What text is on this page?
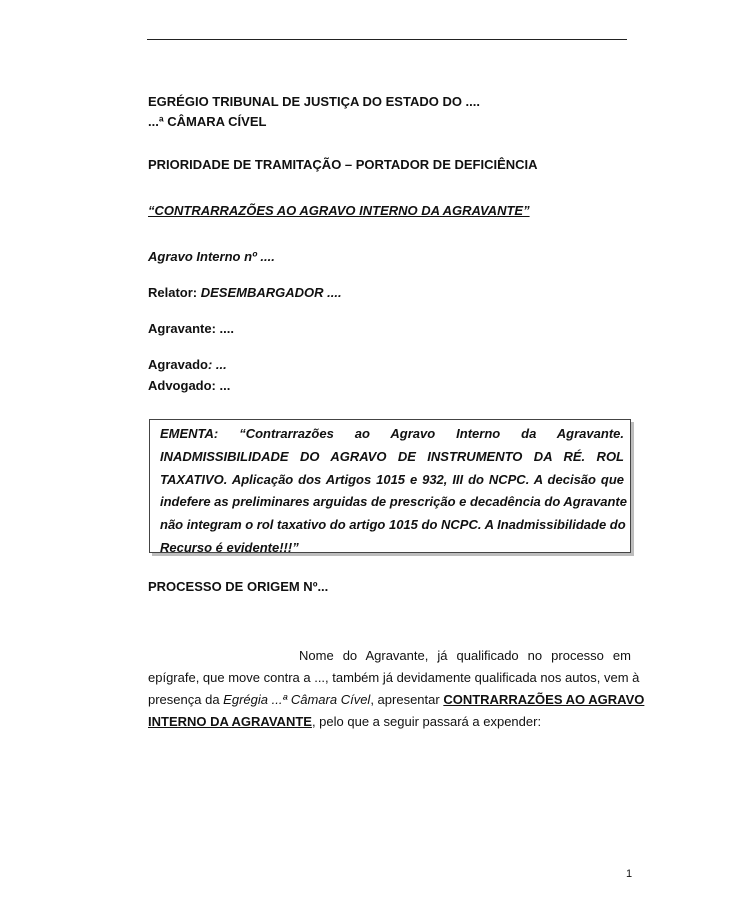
EGRÉGIO TRIBUNAL DE JUSTIÇA DO ESTADO DO ....
...ª CÂMARA CÍVEL
PRIORIDADE DE TRAMITAÇÃO – PORTADOR DE DEFICIÊNCIA
“CONTRARRAZÕES AO AGRAVO INTERNO DA AGRAVANTE”
Agravo Interno nº ....
Relator: DESEMBARGADOR ....
Agravante: ....
Agravado: ...
Advogado: ...
EMENTA: “Contrarrazões ao Agravo Interno da Agravante.
INADMISSIBILIDADE DO AGRAVO DE INSTRUMENTO DA RÉ. ROL
TAXATIVO. Aplicação dos Artigos 1015 e 932, III do NCPC. A decisão que
indefere as preliminares arguidas de prescrição e decadência do Agravante
não integram o rol taxativo do artigo 1015 do NCPC. A Inadmissibilidade do
Recurso é evidente!!!”
PROCESSO DE ORIGEM Nº...
Nome do Agravante, já qualificado no processo em
epígrafe, que move contra a ..., também já devidamente qualificada nos autos, vem à
presença da Egrégia ...ª Câmara Cível, apresentar CONTRARRAZÕES AO AGRAVO
INTERNO DA AGRAVANTE, pelo que a seguir passará a expender:
1
